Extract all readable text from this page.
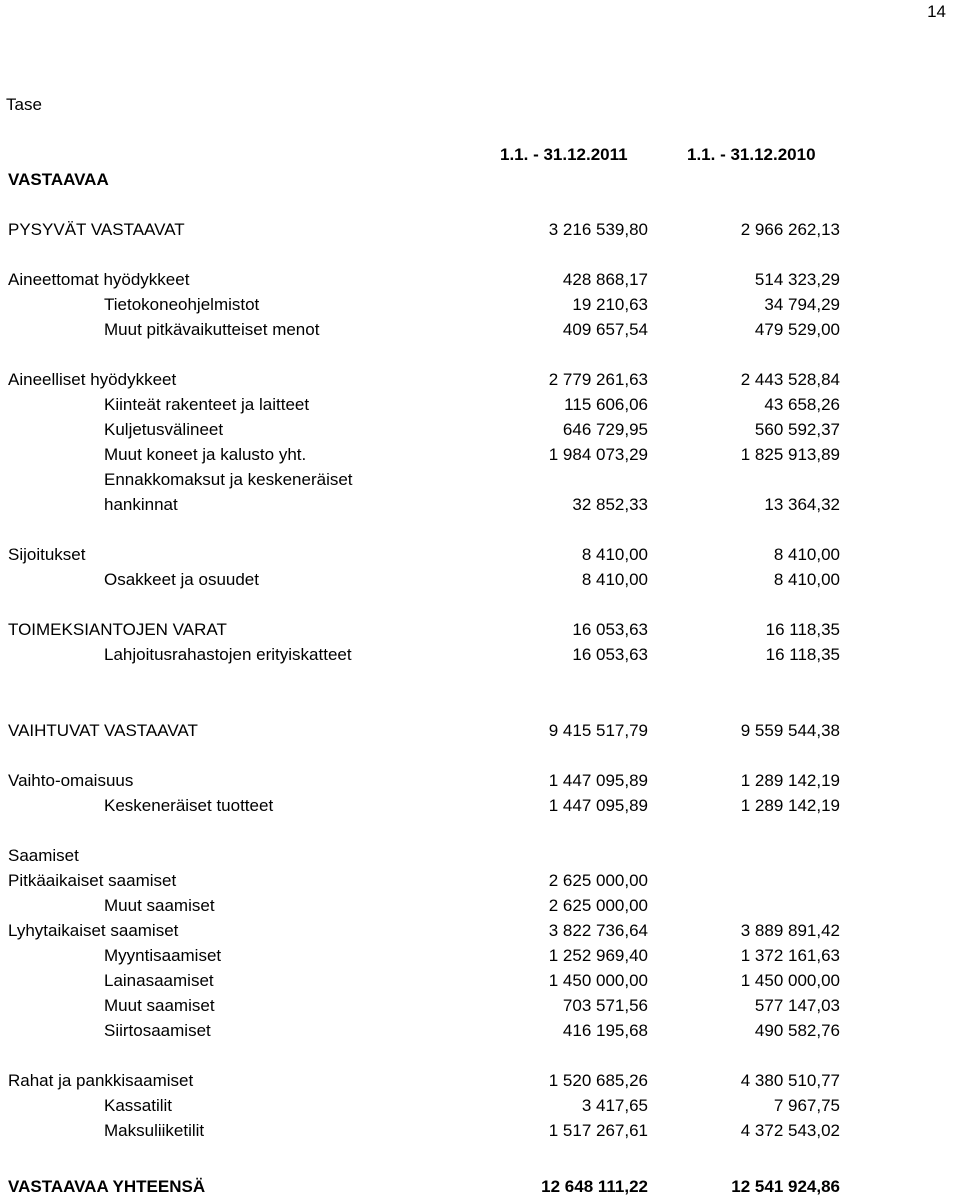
14
Tase
1.1. - 31.12.2011	1.1. - 31.12.2010
VASTAAVAA
PYSYVÄT VASTAAVAT	3 216 539,80	2 966 262,13
Aineettomat hyödykkeet	428 868,17	514 323,29
Tietokoneohjelmistot	19 210,63	34 794,29
Muut pitkävaikutteiset menot	409 657,54	479 529,00
Aineelliset hyödykkeet	2 779 261,63	2 443 528,84
Kiinteät rakenteet ja laitteet	115 606,06	43 658,26
Kuljetusvälineet	646 729,95	560 592,37
Muut koneet ja kalusto yht.	1 984 073,29	1 825 913,89
Ennakkomaksut ja keskeneräiset
hankinnat	32 852,33	13 364,32
Sijoitukset	8 410,00	8 410,00
Osakkeet ja osuudet	8 410,00	8 410,00
TOIMEKSIANTOJEN VARAT	16 053,63	16 118,35
Lahjoitusrahastojen erityiskatteet	16 053,63	16 118,35
VAIHTUVAT VASTAAVAT	9 415 517,79	9 559 544,38
Vaihto-omaisuus	1 447 095,89	1 289 142,19
Keskeneräiset tuotteet	1 447 095,89	1 289 142,19
Saamiset
Pitkäaikaiset saamiset	2 625 000,00
Muut saamiset	2 625 000,00
Lyhytaikaiset saamiset	3 822 736,64	3 889 891,42
Myyntisaamiset	1 252 969,40	1 372 161,63
Lainasaamiset	1 450 000,00	1 450 000,00
Muut saamiset	703 571,56	577 147,03
Siirtosaamiset	416 195,68	490 582,76
Rahat ja pankkisaamiset	1 520 685,26	4 380 510,77
Kassatilit	3 417,65	7 967,75
Maksuliiketilit	1 517 267,61	4 372 543,02
VASTAAVAA YHTEENSÄ	12 648 111,22	12 541 924,86
